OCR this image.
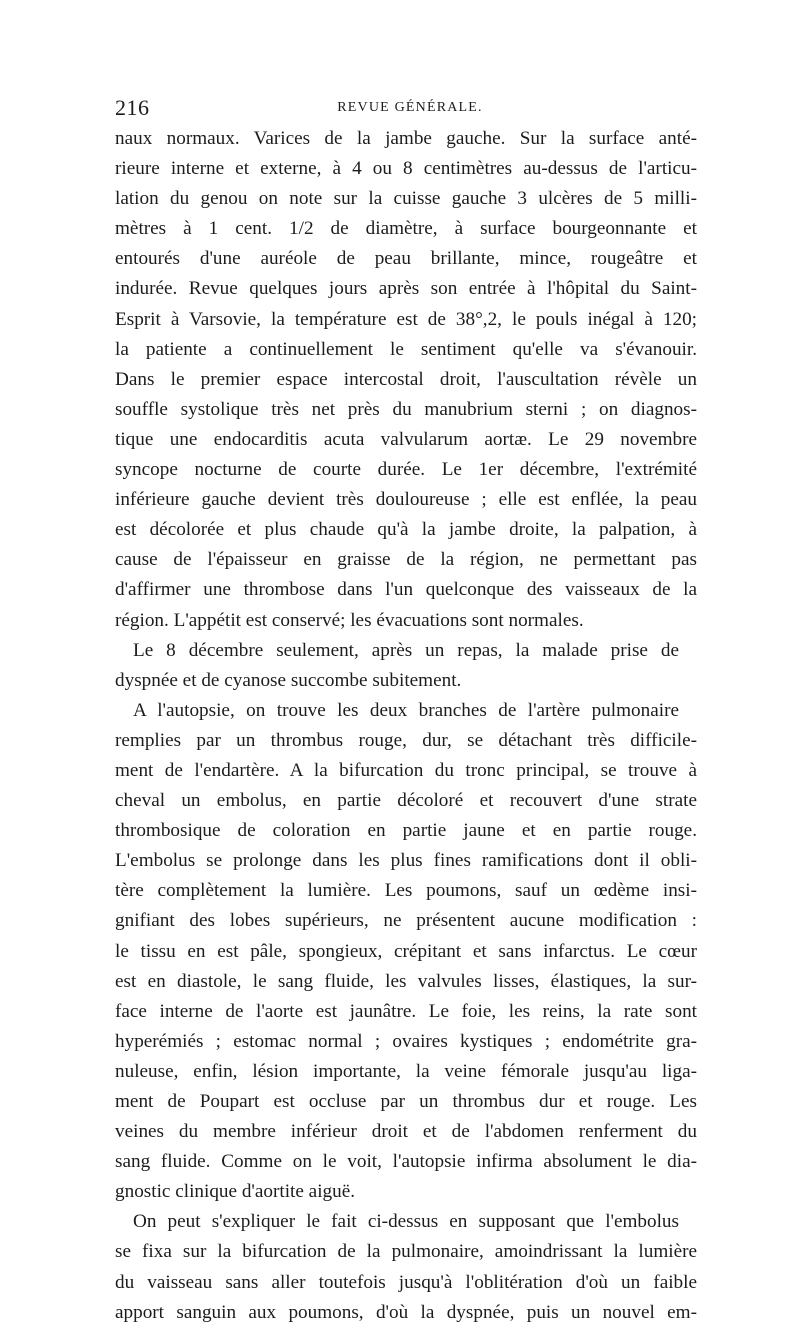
216	REVUE GÉNÉRALE.
naux normaux. Varices de la jambe gauche. Sur la surface anté-
rieure interne et externe, à 4 ou 8 centimètres au-dessus de l'articu-
lation du genou on note sur la cuisse gauche 3 ulcères de 5 milli-
mètres à 1 cent. 1/2 de diamètre, à surface bourgeonnante et
entourés d'une auréole de peau brillante, mince, rougeâtre et
indurée. Revue quelques jours après son entrée à l'hôpital du Saint-
Esprit à Varsovie, la température est de 38°,2, le pouls inégal à 120;
la patiente a continuellement le sentiment qu'elle va s'évanouir.
Dans le premier espace intercostal droit, l'auscultation révèle un
souffle systolique très net près du manubrium sterni ; on diagnos-
tique une endocarditis acuta valvularum aortæ. Le 29 novembre
syncope nocturne de courte durée. Le 1er décembre, l'extrémité
inférieure gauche devient très douloureuse ; elle est enflée, la peau
est décolorée et plus chaude qu'à la jambe droite, la palpation, à
cause de l'épaisseur en graisse de la région, ne permettant pas
d'affirmer une thrombose dans l'un quelconque des vaisseaux de la
région. L'appétit est conservé; les évacuations sont normales.
Le 8 décembre seulement, après un repas, la malade prise de
dyspnée et de cyanose succombe subitement.
A l'autopsie, on trouve les deux branches de l'artère pulmonaire
remplies par un thrombus rouge, dur, se détachant très difficile-
ment de l'endartère. A la bifurcation du tronc principal, se trouve à
cheval un embolus, en partie décoloré et recouvert d'une strate
thrombosique de coloration en partie jaune et en partie rouge.
L'embolus se prolonge dans les plus fines ramifications dont il obli-
tère complètement la lumière. Les poumons, sauf un œdème insi-
gnifiant des lobes supérieurs, ne présentent aucune modification :
le tissu en est pâle, spongieux, crépitant et sans infarctus. Le cœur
est en diastole, le sang fluide, les valvules lisses, élastiques, la sur-
face interne de l'aorte est jaunâtre. Le foie, les reins, la rate sont
hyperémiés ; estomac normal ; ovaires kystiques ; endométrite gra-
nuleuse, enfin, lésion importante, la veine fémorale jusqu'au liga-
ment de Poupart est occluse par un thrombus dur et rouge. Les
veines du membre inférieur droit et de l'abdomen renferment du
sang fluide. Comme on le voit, l'autopsie infirma absolument le dia-
gnostic clinique d'aortite aiguë.
On peut s'expliquer le fait ci-dessus en supposant que l'embolus
se fixa sur la bifurcation de la pulmonaire, amoindrissant la lumière
du vaisseau sans aller toutefois jusqu'à l'oblitération d'où un faible
apport sanguin aux poumons, d'où la dyspnée, puis un nouvel em-
